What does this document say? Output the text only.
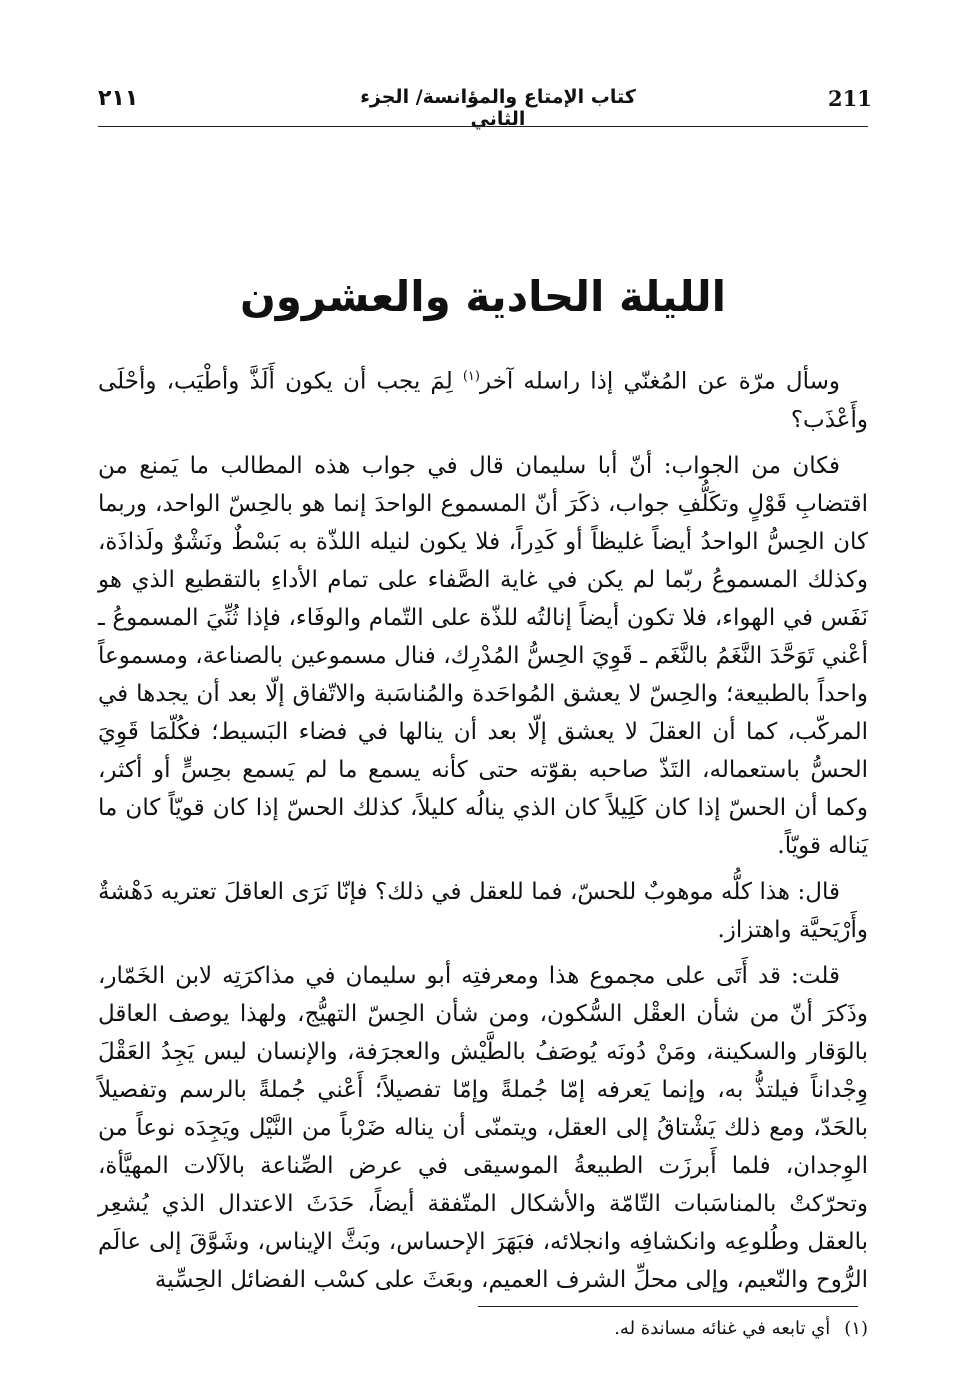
211
كتاب الإمتاع والمؤانسة/ الجزء الثاني
٢١١
الليلة الحادية والعشرون

وسأل مرّة عن المُغنّي إذا راسله آخر$^{(١)}$ لِمَ يجب أن يكون أَلَذَّ وأطْيَب، وأحْلَى وأَعْذَب؟

فكان من الجواب: أنّ أبا سليمان قال في جواب هذه المطالب ما يَمنع من اقتضابِ قَوْلٍ وتكَلُّفِ جواب، ذكَرَ أنّ المسموع الواحدَ إنما هو بالحِسّ الواحد، وربما كان الحِسُّ الواحدُ أيضاً غليظاً أو كَدِراً، فلا يكون لنيله اللذّة به بَسْطٌ ونَشْوٌ ولَذاذَة، وكذلك المسموعُ ربّما لم يكن في غاية الصَّفاء على تمام الأداءِ بالتقطيع الذي هو نَفَس في الهواء، فلا تكون أيضاً إنالتُه للذّة على التّمام والوفَاء، فإذا ثُنِّيَ المسموعُ ـ أعْني تَوَحَّدَ النَّغَمُ بالنَّغَم ـ قَوِيَ الحِسُّ المُدْرِك، فنال مسموعين بالصناعة، ومسموعاً واحداً بالطبيعة؛ والحِسّ لا يعشق المُواحَدة والمُناسَبة والاتّفاق إلّا بعد أن يجدها في المركّب، كما أن العقلَ لا يعشق إلّا بعد أن ينالها في فضاء البَسيط؛ فكُلّمَا قَوِيَ الحسُّ باستعماله، التَذّ صاحبه بقوّته حتى كأنه يسمع ما لم يَسمع بحِسٍّ أو أكثر، وكما أن الحسّ إذا كان كَلِيلاً كان الذي ينالُه كليلاً، كذلك الحسّ إذا كان قويّاً كان ما يَناله قويّاً.

قال: هذا كلُّه موهوبٌ للحسّ، فما للعقل في ذلك؟ فإنّا نَرَى العاقلَ تعتريه دَهْشةٌ وأَرْيَحيَّة واهتزاز.

قلت: قد أَتَى على مجموع هذا ومعرفتِه أبو سليمان في مذاكرَتِه لابن الخَمّار، وذَكرَ أنّ من شأن العقْل السُّكون، ومن شأن الحِسّ التهيُّج، ولهذا يوصف العاقل بالوَقار والسكينة، ومَنْ دُونَه يُوصَفُ بالطَّيْش والعجرَفة، والإنسان ليس يَجِدُ العَقْلَ وِجْداناً فيلتذُّ به، وإنما يَعرفه إمّا جُملةً وإمّا تفصيلاً؛ أَعْني جُملةً بالرسم وتفصيلاً بالحَدّ، ومع ذلك يَشْتاقُ إلى العقل، ويتمنّى أن يناله ضَرْباً من النَّيْل ويَجِدَه نوعاً من الوِجدان، فلما أَبرزَت الطبيعةُ الموسيقى في عرض الصِّناعة بالآلات المهيَّأة، وتحرّكتْ بالمناسَبات التّامّة والأشكال المتّفقة أيضاً، حَدَثَ الاعتدال الذي يُشعِر بالعقل وطُلوعِه وانكشافِه وانجلائه، فبَهَرَ الإحساس، وبَثَّ الإيناس، وشَوَّقَ إلى عالَم الرُّوح والنّعيم، وإلى محلِّ الشرف العميم، وبعَثَ على كسْب الفضائل الحِسِّية

(١)أي تابعه في غنائه مساندة له.
